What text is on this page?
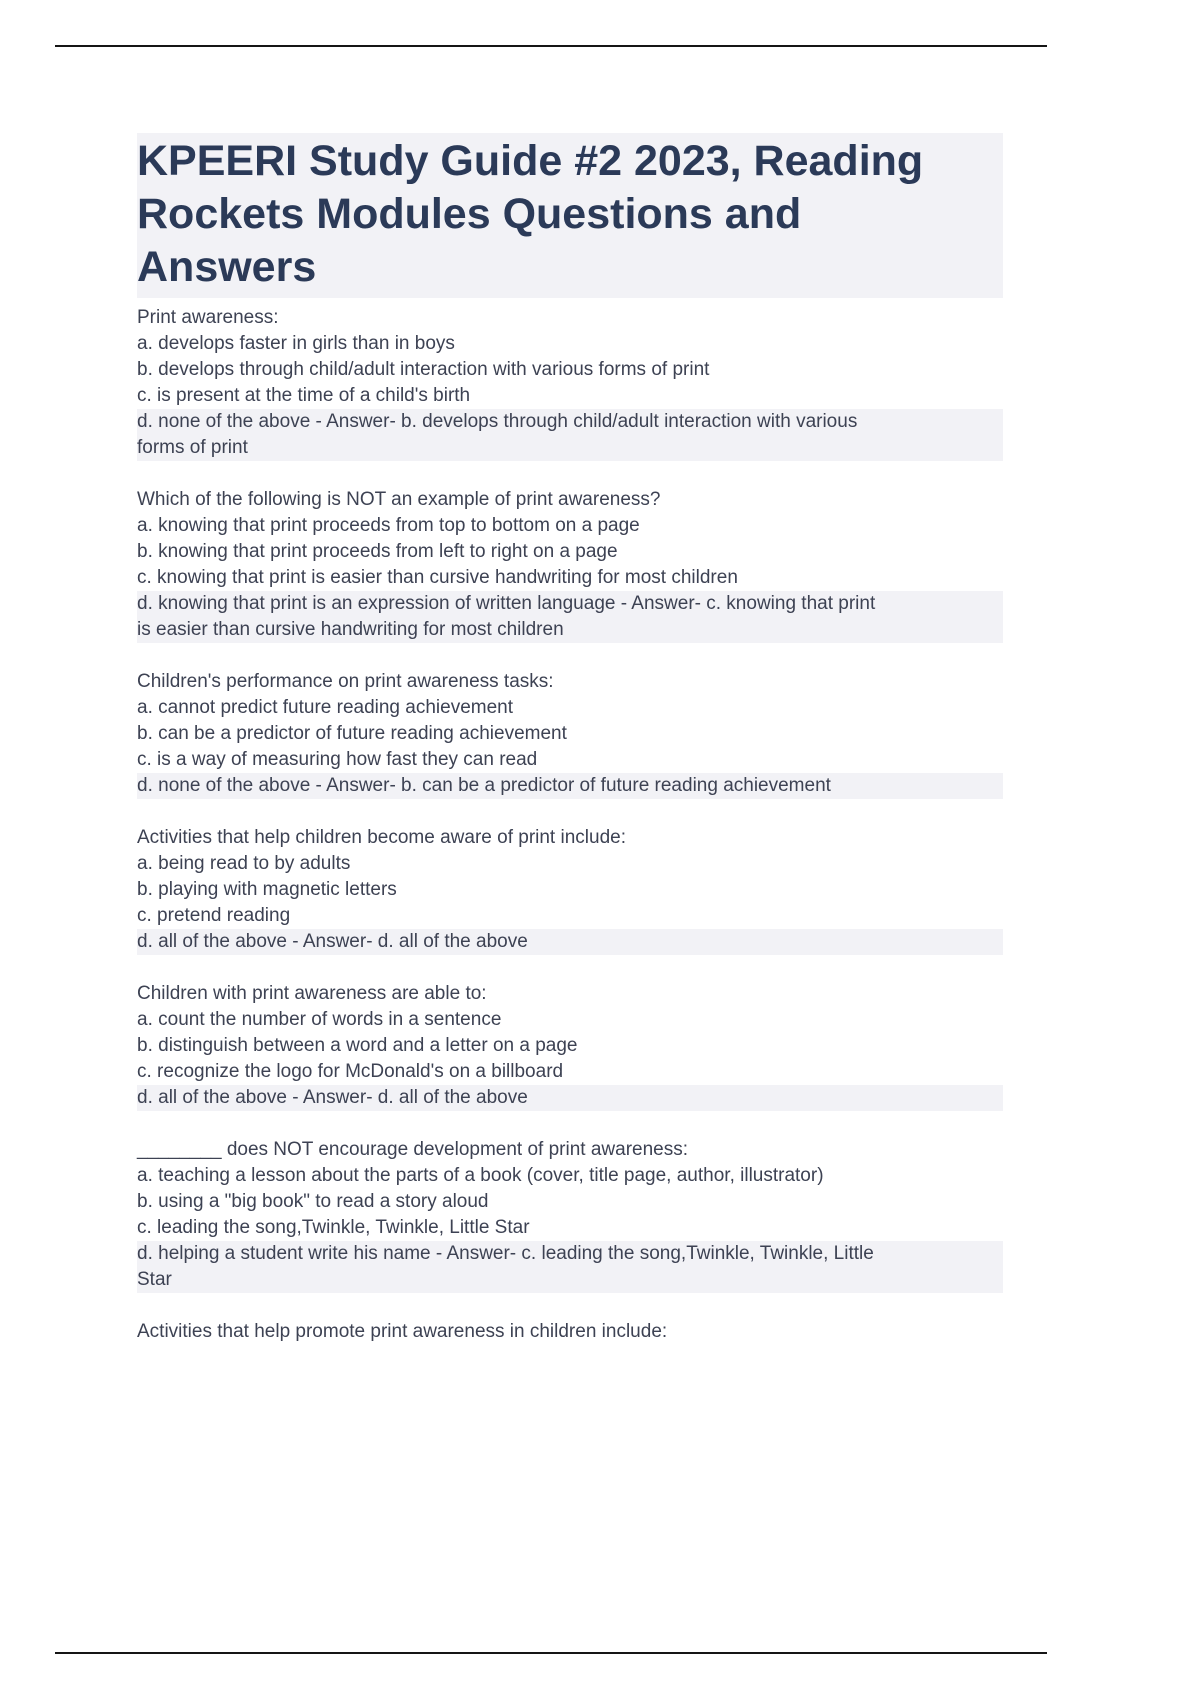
KPEERI Study Guide #2 2023, Reading
Rockets Modules Questions and
Answers
Print awareness:
a. develops faster in girls than in boys
b. develops through child/adult interaction with various forms of print
c. is present at the time of a child's birth
d. none of the above - Answer- b. develops through child/adult interaction with various
forms of print
Which of the following is NOT an example of print awareness?
a. knowing that print proceeds from top to bottom on a page
b. knowing that print proceeds from left to right on a page
c. knowing that print is easier than cursive handwriting for most children
d. knowing that print is an expression of written language - Answer- c. knowing that print
is easier than cursive handwriting for most children
Children's performance on print awareness tasks:
a. cannot predict future reading achievement
b. can be a predictor of future reading achievement
c. is a way of measuring how fast they can read
d. none of the above - Answer- b. can be a predictor of future reading achievement
Activities that help children become aware of print include:
a. being read to by adults
b. playing with magnetic letters
c. pretend reading
d. all of the above - Answer- d. all of the above
Children with print awareness are able to:
a. count the number of words in a sentence
b. distinguish between a word and a letter on a page
c. recognize the logo for McDonald's on a billboard
d. all of the above - Answer- d. all of the above
________ does NOT encourage development of print awareness:
a. teaching a lesson about the parts of a book (cover, title page, author, illustrator)
b. using a "big book" to read a story aloud
c. leading the song,Twinkle, Twinkle, Little Star
d. helping a student write his name - Answer- c. leading the song,Twinkle, Twinkle, Little
Star
Activities that help promote print awareness in children include:
